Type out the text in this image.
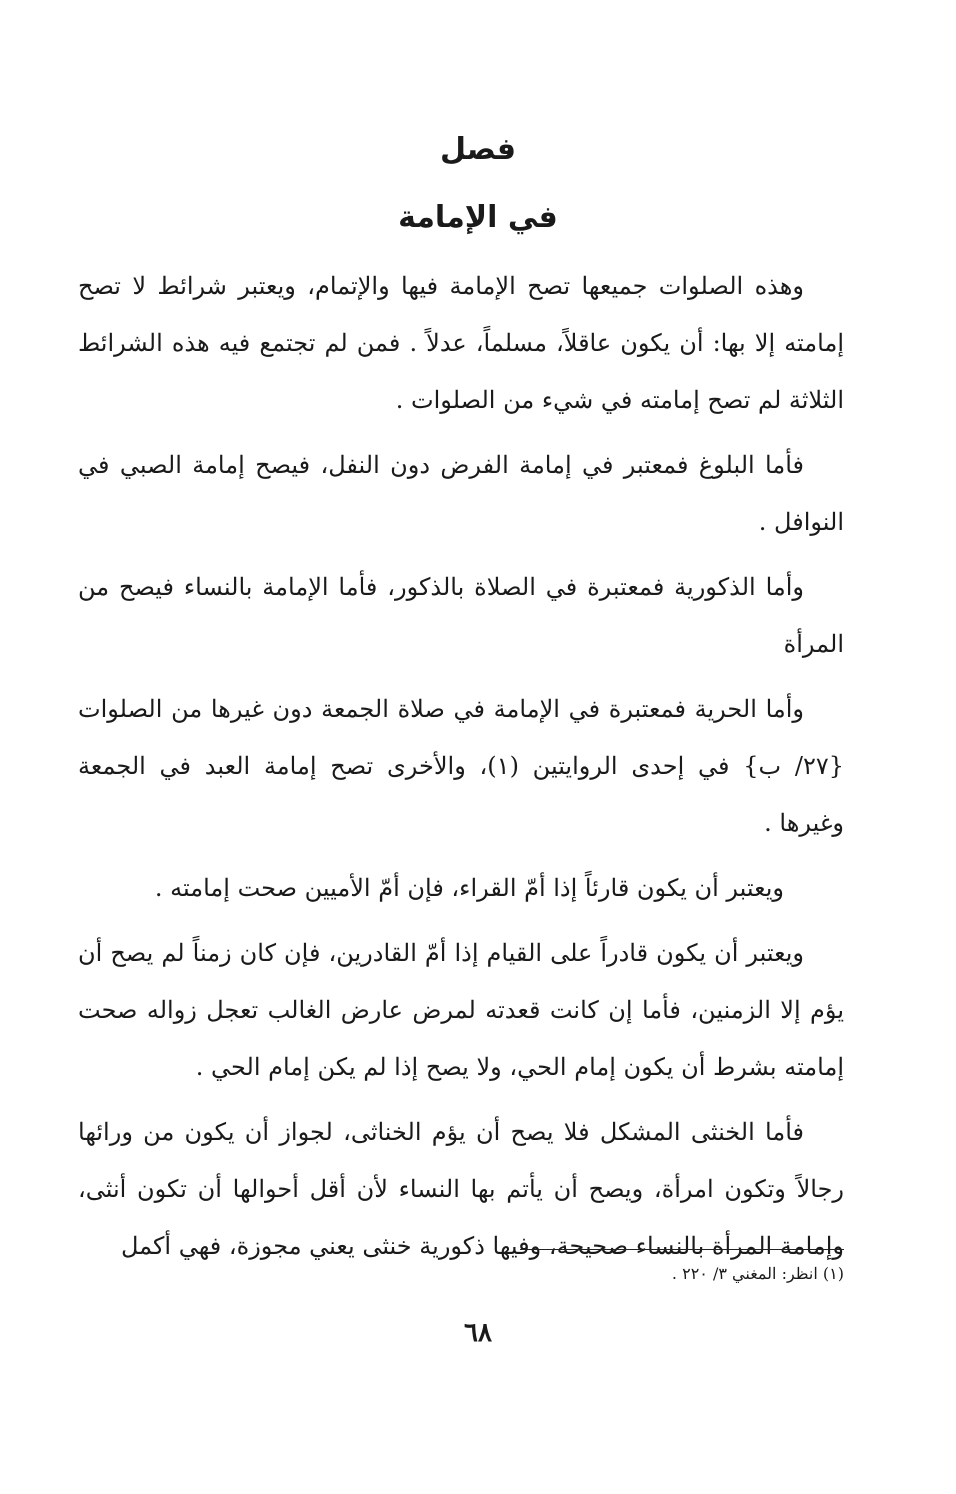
فصل
في الإمامة

وهذه الصلوات جميعها تصح الإمامة فيها والإتمام، ويعتبر شرائط لا تصح إمامته إلا بها: أن يكون عاقلاً، مسلماً، عدلاً . فمن لم تجتمع فيه هذه الشرائط الثلاثة لم تصح إمامته في شيء من الصلوات .

فأما البلوغ فمعتبر في إمامة الفرض دون النفل، فيصح إمامة الصبي في النوافل .

وأما الذكورية فمعتبرة في الصلاة بالذكور، فأما الإمامة بالنساء فيصح من المرأة

وأما الحرية فمعتبرة في الإمامة في صلاة الجمعة دون غيرها من الصلوات {٢٧/ ب} في إحدى الروايتين (١)، والأخرى تصح إمامة العبد في الجمعة وغيرها .

ويعتبر أن يكون قارئاً إذا أمّ القراء، فإن أمّ الأميين صحت إمامته .

ويعتبر أن يكون قادراً على القيام إذا أمّ القادرين، فإن كان زمناً لم يصح أن يؤم إلا الزمنين، فأما إن كانت قعدته لمرض عارض الغالب تعجل زواله صحت إمامته بشرط أن يكون إمام الحي، ولا يصح إذا لم يكن إمام الحي .

فأما الخنثى المشكل فلا يصح أن يؤم الخناثى، لجواز أن يكون من ورائها رجالاً وتكون امرأة، ويصح أن يأتم بها النساء لأن أقل أحوالها أن تكون أنثى، وإمامة المرأة بالنساء صحيحة، وفيها ذكورية خنثى يعني مجوزة، فهي أكمل

(١) انظر: المغني ٣/ ٢٢٠ .
٦٨
